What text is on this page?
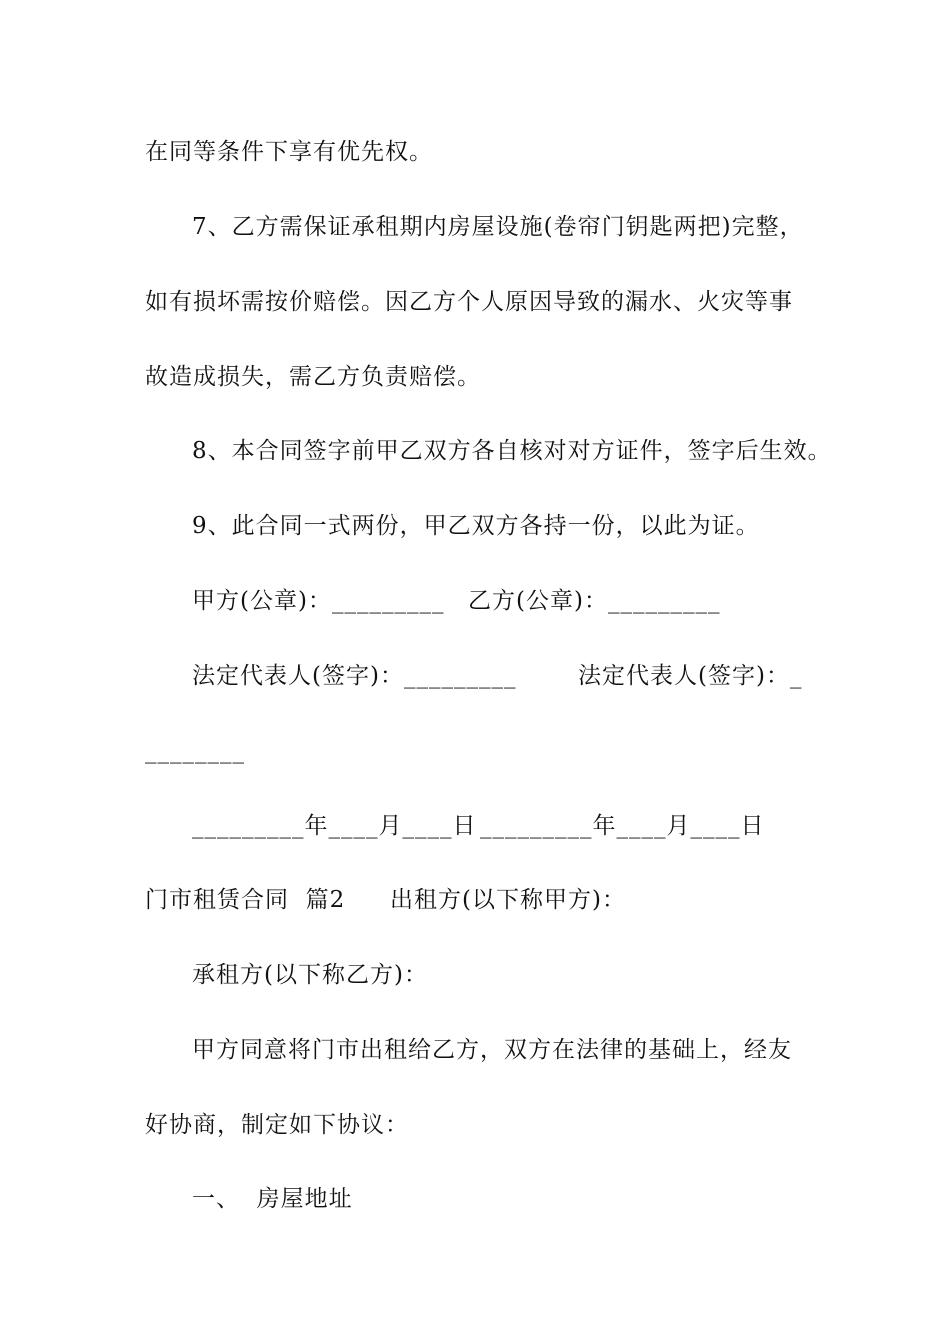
在同等条件下享有优先权。
7、乙方需保证承租期内房屋设施(卷帘门钥匙两把)完整，
如有损坏需按价赔偿。因乙方个人原因导致的漏水、火灾等事
故造成损失，需乙方负责赔偿。
8、本合同签字前甲乙双方各自核对对方证件，签字后生效。
9、此合同一式两份，甲乙双方各持一份，以此为证。
甲方(公章)：_________ 乙方(公章)：_________
法定代表人(签字)：_________	法定代表人(签字)：_
________
_________年____月____日 _________年____月____日
门市租赁合同  篇2 出租方(以下称甲方)：
承租方(以下称乙方)：
甲方同意将门市出租给乙方，双方在法律的基础上，经友
好协商，制定如下协议：
一、  房屋地址
